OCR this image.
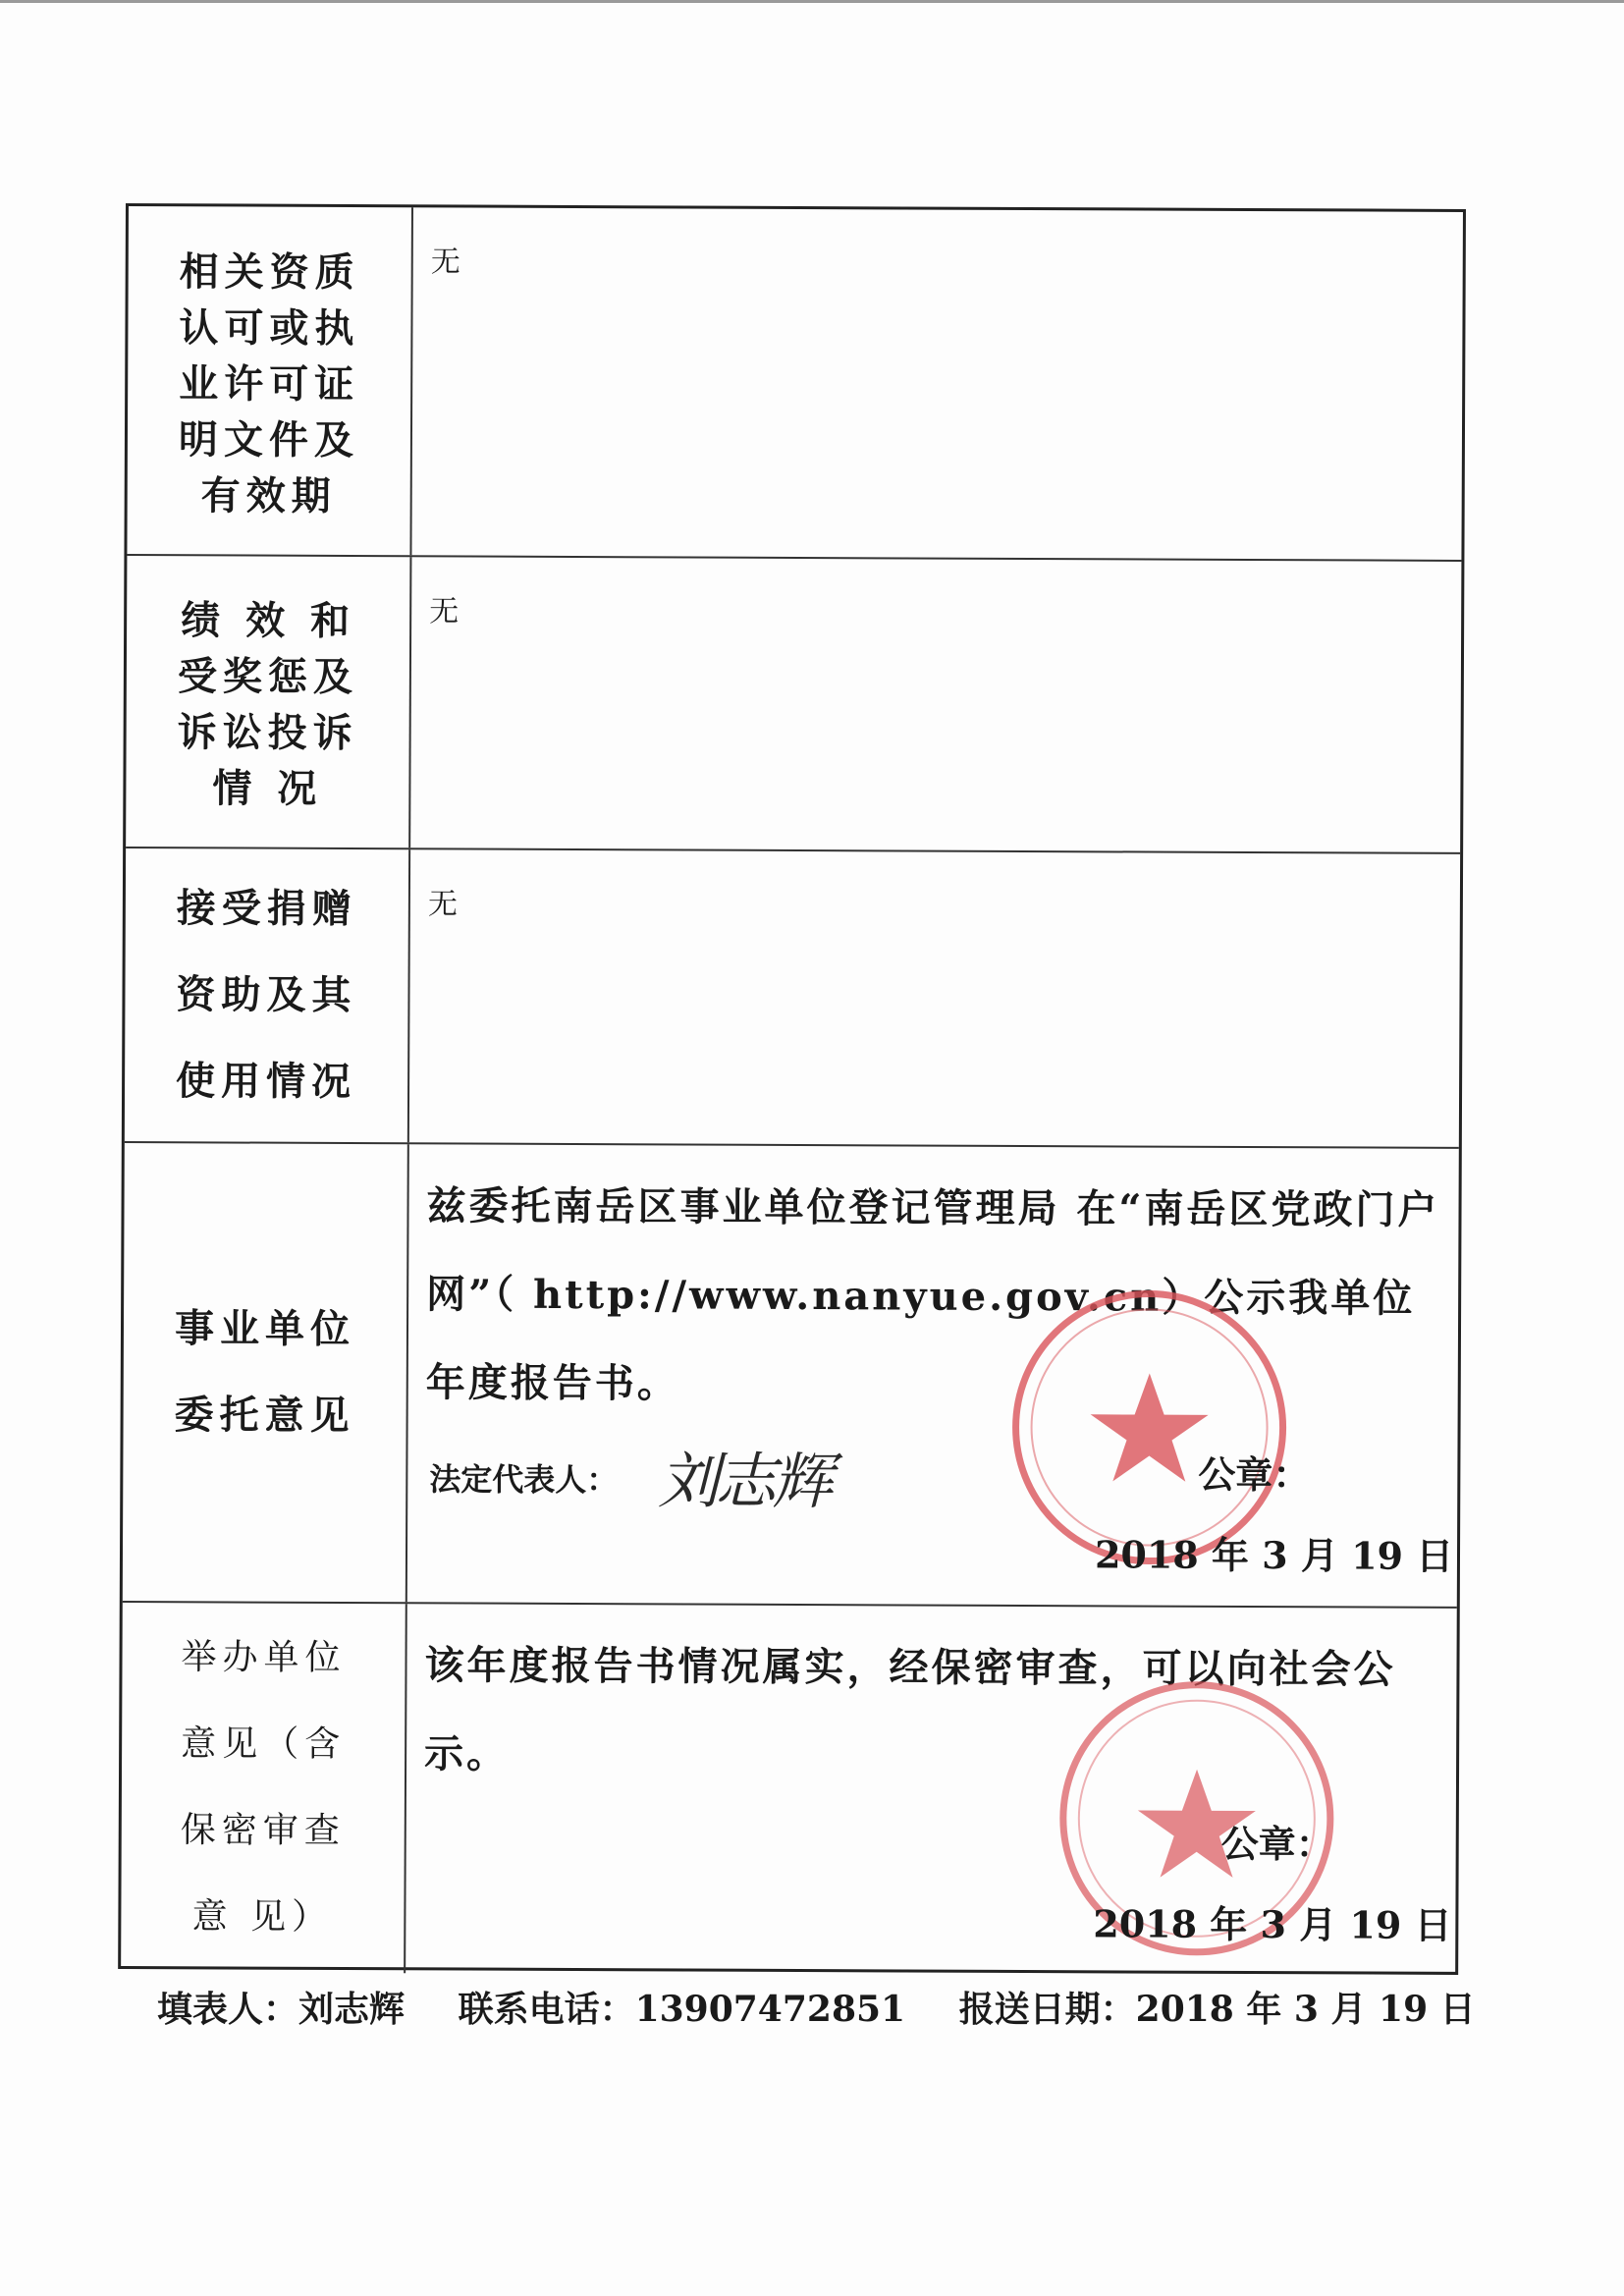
相关资质
认可或执
业许可证
明文件及
有效期
无
绩 效 和
受奖惩及
诉讼投诉
情 况
无
接受捐赠
资助及其
使用情况
无
事业单位
委托意见
兹委托南岳区事业单位登记管理局 在“南岳区党政门户网”（ http://www.nanyue.gov.cn）公示我单位年度报告书。
法定代表人： 刘志辉	公章：
2018 年 3 月 19 日
举办单位
意见（含
保密审查
意 见）
该年度报告书情况属实，经保密审查，可以向社会公示。
公章：
2018 年 3 月 19 日
填表人：刘志辉 联系电话：13907472851 报送日期：2018 年 3 月 19 日
